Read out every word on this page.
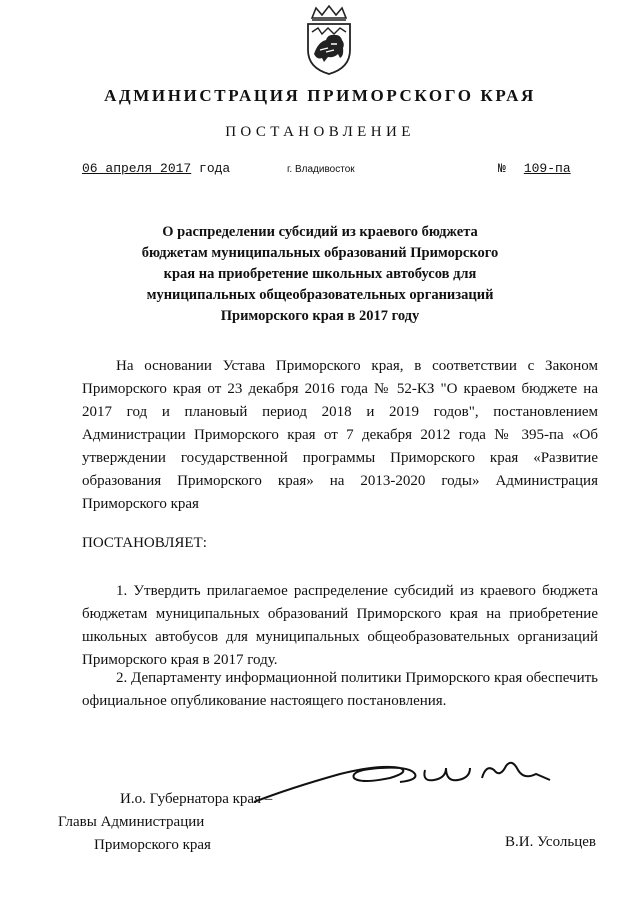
АДМИНИСТРАЦИЯ ПРИМОРСКОГО КРАЯ
ПОСТАНОВЛЕНИЕ
06 апреля 2017 года	г. Владивосток	№ 109-па
О распределении субсидий из краевого бюджета
бюджетам муниципальных образований Приморского
края на приобретение школьных автобусов для
муниципальных общеобразовательных организаций
Приморского края в 2017 году
На основании Устава Приморского края, в соответствии с Законом Приморского края от 23 декабря 2016 года № 52-КЗ "О краевом бюджете на 2017 год и плановый период 2018 и 2019 годов", постановлением Администрации Приморского края от 7 декабря 2012 года № 395-па «Об утверждении государственной программы Приморского края «Развитие образования Приморского края» на 2013-2020 годы» Администрация Приморского края
ПОСТАНОВЛЯЕТ:
1. Утвердить прилагаемое распределение субсидий из краевого бюджета бюджетам муниципальных образований Приморского края на приобретение школьных автобусов для муниципальных общеобразовательных организаций Приморского края в 2017 году.
2. Департаменту информационной политики Приморского края обеспечить официальное опубликование настоящего постановления.
И.о. Губернатора края –
Главы Администрации
Приморского края	В.И. Усольцев
